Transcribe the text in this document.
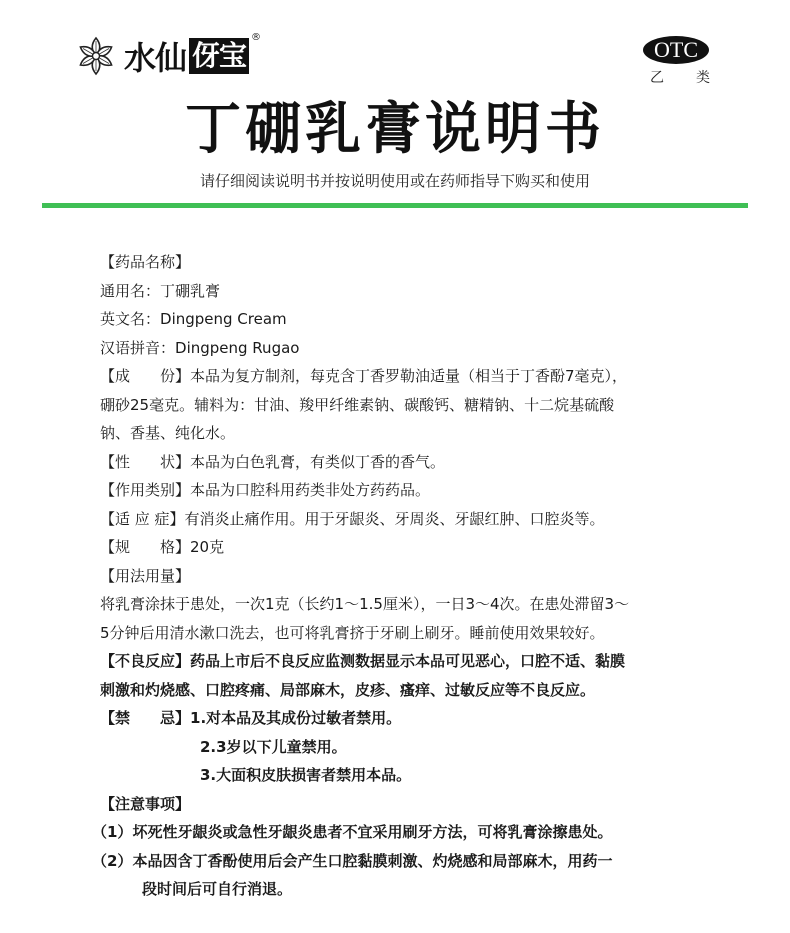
水仙 伢宝
®	OTC
乙 类
丁硼乳膏说明书
请仔细阅读说明书并按说明使用或在药师指导下购买和使用
【药品名称】
通用名：丁硼乳膏
英文名：Dingpeng Cream
汉语拼音：Dingpeng Rugao
【成　　份】本品为复方制剂，每克含丁香罗勒油适量（相当于丁香酚7毫克），
硼砂25毫克。辅料为：甘油、羧甲纤维素钠、碳酸钙、糖精钠、十二烷基硫酸
钠、香基、纯化水。
【性　　状】本品为白色乳膏，有类似丁香的香气。
【作用类别】本品为口腔科用药类非处方药药品。
【适 应 症】有消炎止痛作用。用于牙龈炎、牙周炎、牙龈红肿、口腔炎等。
【规　　格】20克
【用法用量】
将乳膏涂抹于患处，一次1克（长约1～1.5厘米），一日3～4次。在患处滞留3～
5分钟后用清水漱口洗去，也可将乳膏挤于牙刷上刷牙。睡前使用效果较好。
【不良反应】药品上市后不良反应监测数据显示本品可见恶心，口腔不适、黏膜
刺激和灼烧感、口腔疼痛、局部麻木，皮疹、瘙痒、过敏反应等不良反应。
【禁　　忌】1.对本品及其成份过敏者禁用。
2.3岁以下儿童禁用。
3.大面积皮肤损害者禁用本品。
【注意事项】
（1）坏死性牙龈炎或急性牙龈炎患者不宜采用刷牙方法，可将乳膏涂擦患处。
（2）本品因含丁香酚使用后会产生口腔黏膜刺激、灼烧感和局部麻木，用药一
段时间后可自行消退。
